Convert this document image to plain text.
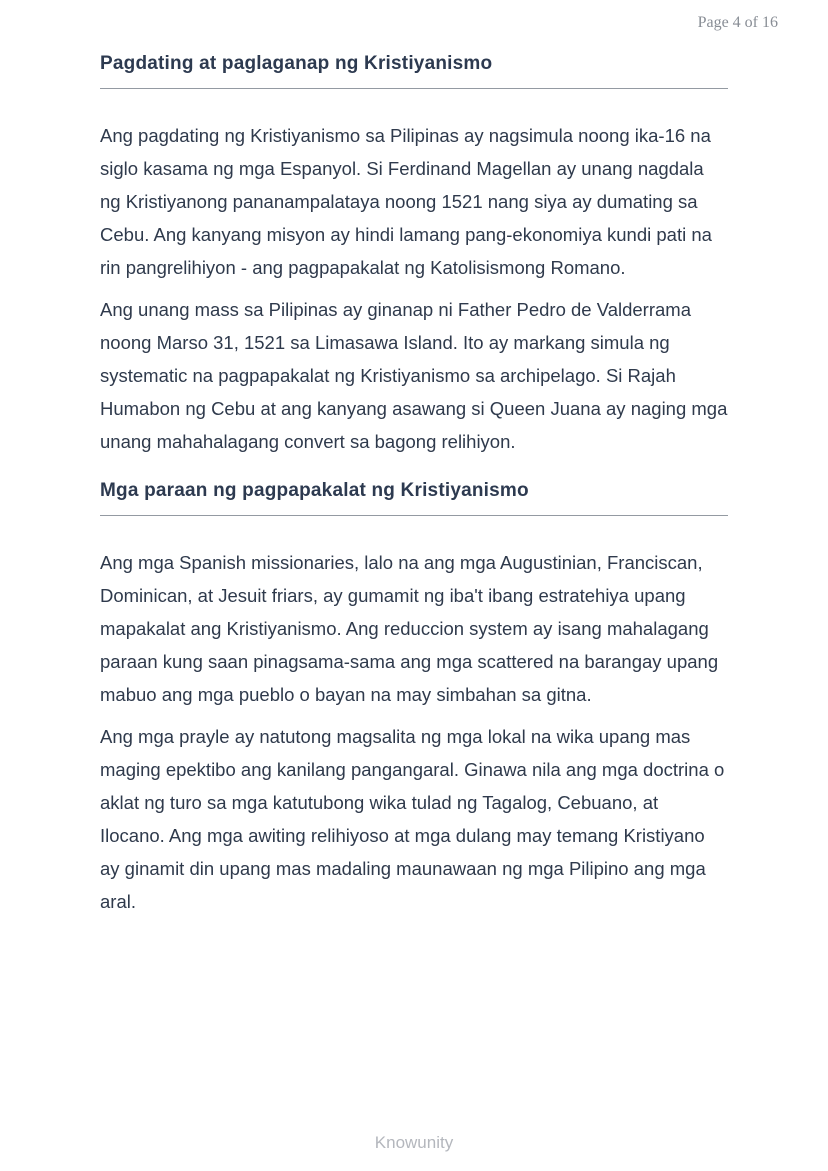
Page 4 of 16
Pagdating at paglaganap ng Kristiyanismo

Ang pagdating ng Kristiyanismo sa Pilipinas ay nagsimula noong ika-16 na siglo kasama ng mga Espanyol. Si Ferdinand Magellan ay unang nagdala ng Kristiyanong pananampalataya noong 1521 nang siya ay dumating sa Cebu. Ang kanyang misyon ay hindi lamang pang-ekonomiya kundi pati na rin pangrelihiyon - ang pagpapakalat ng Katolisismong Romano.

Ang unang mass sa Pilipinas ay ginanap ni Father Pedro de Valderrama noong Marso 31, 1521 sa Limasawa Island. Ito ay markang simula ng systematic na pagpapakalat ng Kristiyanismo sa archipelago. Si Rajah Humabon ng Cebu at ang kanyang asawang si Queen Juana ay naging mga unang mahahalagang convert sa bagong relihiyon.

Mga paraan ng pagpapakalat ng Kristiyanismo

Ang mga Spanish missionaries, lalo na ang mga Augustinian, Franciscan, Dominican, at Jesuit friars, ay gumamit ng iba't ibang estratehiya upang mapakalat ang Kristiyanismo. Ang reduccion system ay isang mahalagang paraan kung saan pinagsama-sama ang mga scattered na barangay upang mabuo ang mga pueblo o bayan na may simbahan sa gitna.

Ang mga prayle ay natutong magsalita ng mga lokal na wika upang mas maging epektibo ang kanilang pangangaral. Ginawa nila ang mga doctrina o aklat ng turo sa mga katutubong wika tulad ng Tagalog, Cebuano, at Ilocano. Ang mga awiting relihiyoso at mga dulang may temang Kristiyano ay ginamit din upang mas madaling maunawaan ng mga Pilipino ang mga aral.

Knowunity
